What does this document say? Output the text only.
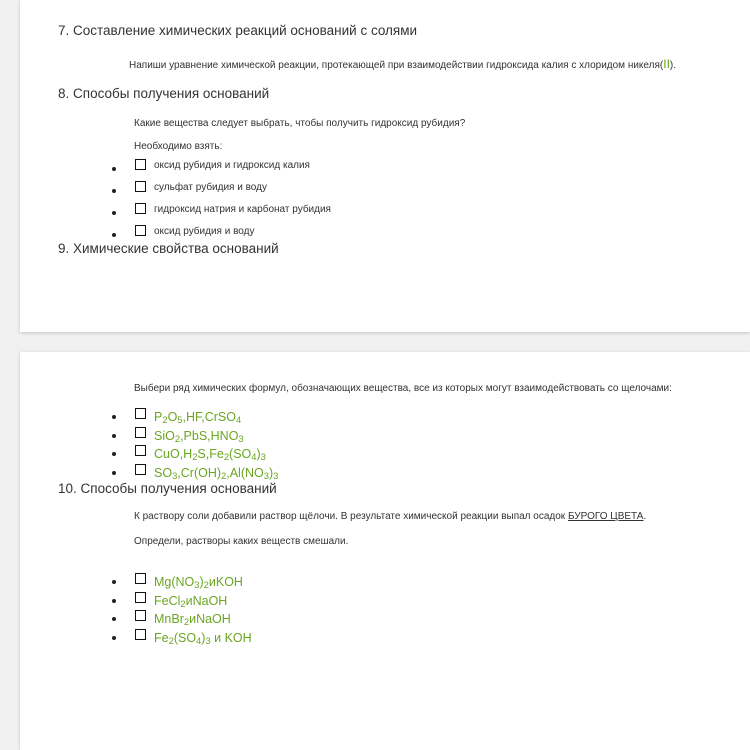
7. Составление химических реакций оснований с солями
Напиши уравнение химической реакции, протекающей при взаимодействии гидроксида калия с хлоридом никеля(II).
8. Способы получения оснований
Какие вещества следует выбрать, чтобы получить гидроксид рубидия?
Необходимо взять:
оксид рубидия и гидроксид калия
сульфат рубидия и воду
гидроксид натрия и карбонат рубидия
оксид рубидия и воду
9. Химические свойства оснований
Выбери ряд химических формул, обозначающих вещества, все из которых могут взаимодействовать со щелочами:
$P_2O_5,HF,CrSO_4$
$SiO_2,PbS,HNO_3$
$CuO,H_2S,Fe_2(SO_4)_3$
$SO_3,Cr(OH)_2,Al(NO_3)_3$
10. Способы получения оснований
К раствору соли добавили раствор щёлочи. В результате химической реакции выпал осадок БУРОГО ЦВЕТА.
Определи, растворы каких веществ смешали.
$Mg(NO_3)_2иKOH$
FeCl$_2$иNaOH
MnBr$_2$иNaOH
$Fe_2(SO_4)_3$ и KOH
